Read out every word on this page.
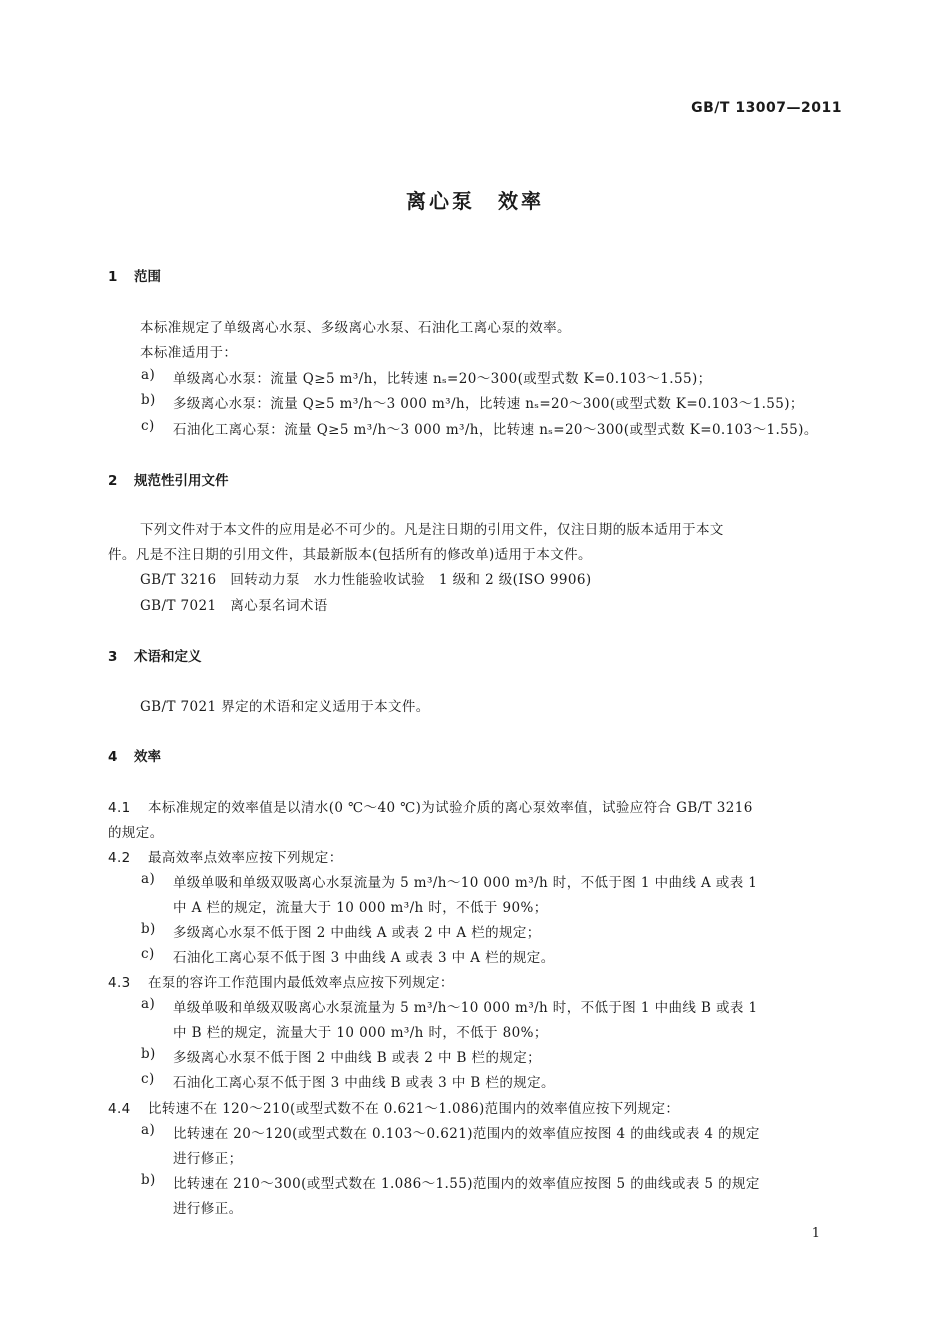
GB/T 13007—2011
离心泵　效率
1 范围
本标准规定了单级离心水泵、多级离心水泵、石油化工离心泵的效率。
本标准适用于：
a) 单级离心水泵：流量 Q≥5 m³/h，比转速 nₛ=20～300(或型式数 K=0.103～1.55)；
b) 多级离心水泵：流量 Q≥5 m³/h～3 000 m³/h，比转速 nₛ=20～300(或型式数 K=0.103～1.55)；
c) 石油化工离心泵：流量 Q≥5 m³/h～3 000 m³/h，比转速 nₛ=20～300(或型式数 K=0.103～1.55)。
2 规范性引用文件
下列文件对于本文件的应用是必不可少的。凡是注日期的引用文件，仅注日期的版本适用于本文
件。凡是不注日期的引用文件，其最新版本(包括所有的修改单)适用于本文件。
GB/T 3216　回转动力泵　水力性能验收试验　1 级和 2 级(ISO 9906)
GB/T 7021　离心泵名词术语
3 术语和定义
GB/T 7021 界定的术语和定义适用于本文件。
4 效率
4.1 本标准规定的效率值是以清水(0 ℃～40 ℃)为试验介质的离心泵效率值，试验应符合 GB/T 3216
的规定。
4.2 最高效率点效率应按下列规定：
a) 单级单吸和单级双吸离心水泵流量为 5 m³/h～10 000 m³/h 时，不低于图 1 中曲线 A 或表 1
中 A 栏的规定，流量大于 10 000 m³/h 时，不低于 90%；
b) 多级离心水泵不低于图 2 中曲线 A 或表 2 中 A 栏的规定；
c) 石油化工离心泵不低于图 3 中曲线 A 或表 3 中 A 栏的规定。
4.3 在泵的容许工作范围内最低效率点应按下列规定：
a) 单级单吸和单级双吸离心水泵流量为 5 m³/h～10 000 m³/h 时，不低于图 1 中曲线 B 或表 1
中 B 栏的规定，流量大于 10 000 m³/h 时，不低于 80%；
b) 多级离心水泵不低于图 2 中曲线 B 或表 2 中 B 栏的规定；
c) 石油化工离心泵不低于图 3 中曲线 B 或表 3 中 B 栏的规定。
4.4 比转速不在 120～210(或型式数不在 0.621～1.086)范围内的效率值应按下列规定：
a) 比转速在 20～120(或型式数在 0.103～0.621)范围内的效率值应按图 4 的曲线或表 4 的规定
进行修正；
b) 比转速在 210～300(或型式数在 1.086～1.55)范围内的效率值应按图 5 的曲线或表 5 的规定
进行修正。
1
